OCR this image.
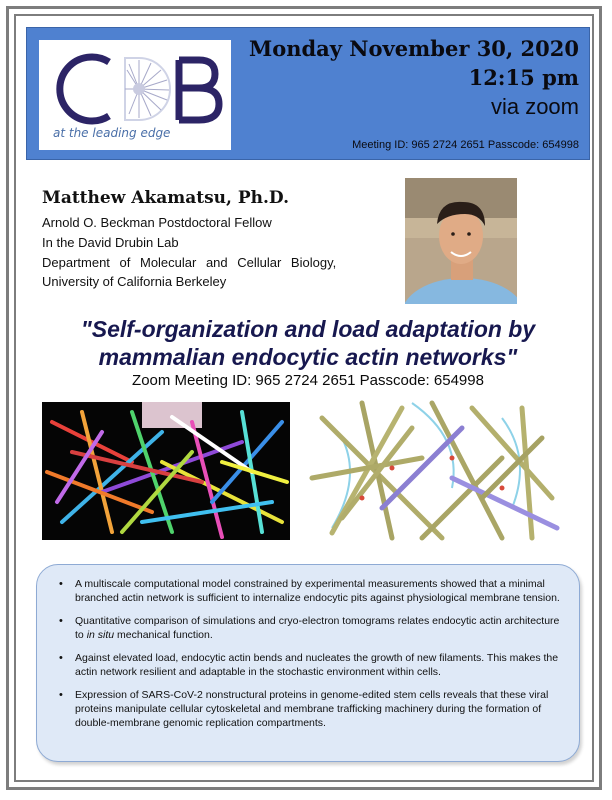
at the leading edge
Monday November 30, 2020
12:15 pm
via zoom
Meeting ID: 965 2724 2651 Passcode: 654998
Matthew Akamatsu, Ph.D.
Arnold O. Beckman Postdoctoral Fellow
In the David Drubin Lab
Department of Molecular and Cellular Biology,
University of California Berkeley
"Self-organization and load adaptation by
mammalian endocytic actin networks"
Zoom Meeting ID: 965 2724 2651 Passcode: 654998
• A multiscale computational model constrained by experimental measurements showed that a minimal branched actin network is sufficient to internalize endocytic pits against physiological membrane tension.
• Quantitative comparison of simulations and cryo-electron tomograms relates endocytic actin architecture to in situ mechanical function.
• Against elevated load, endocytic actin bends and nucleates the growth of new filaments. This makes the actin network resilient and adaptable in the stochastic environment within cells.
• Expression of SARS-CoV-2 nonstructural proteins in genome-edited stem cells reveals that these viral proteins manipulate cellular cytoskeletal and membrane trafficking machinery during the formation of double-membrane genomic replication compartments.
